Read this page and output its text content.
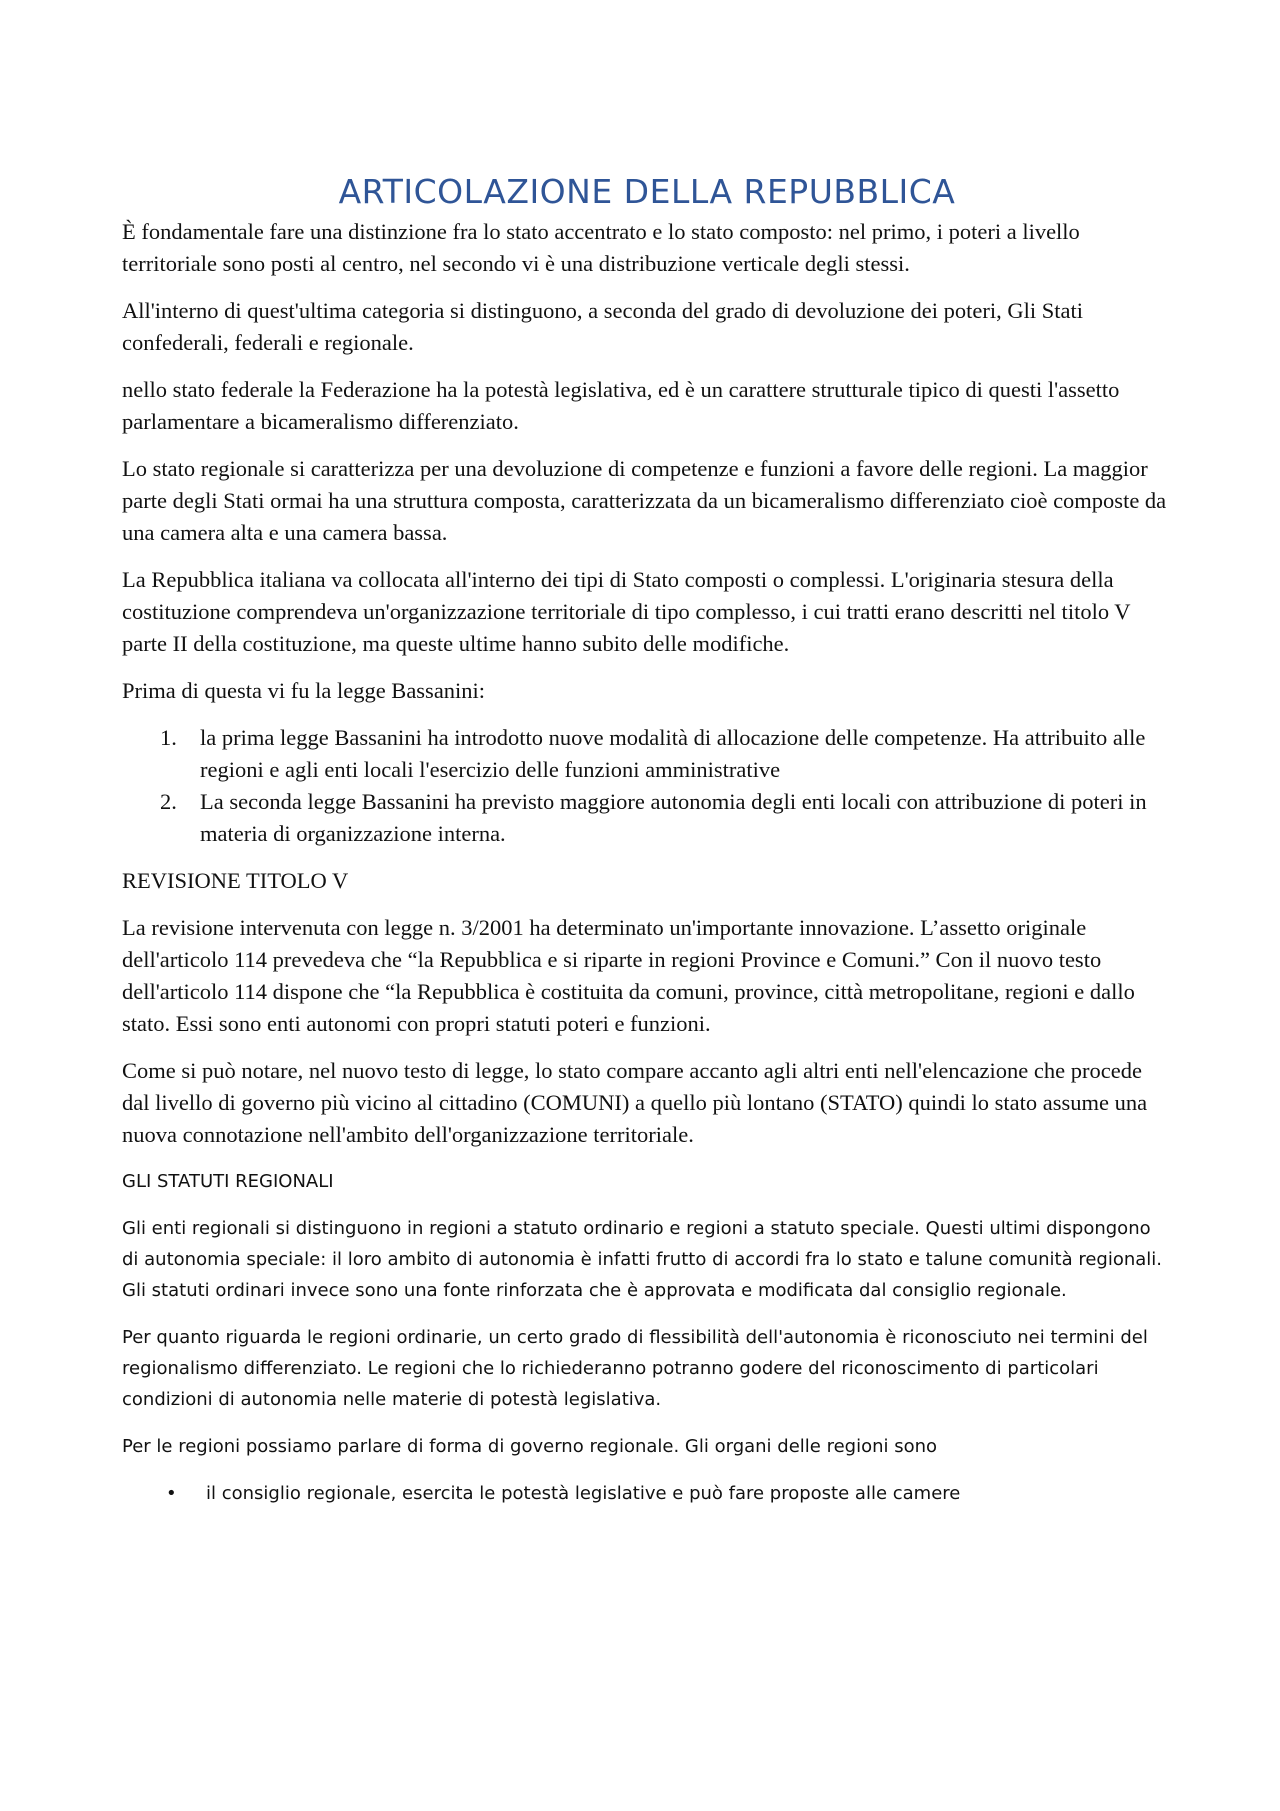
ARTICOLAZIONE DELLA REPUBBLICA

È fondamentale fare una distinzione fra lo stato accentrato e lo stato composto: nel primo, i poteri a livello territoriale sono posti al centro, nel secondo vi è una distribuzione verticale degli stessi.

All'interno di quest'ultima categoria si distinguono, a seconda del grado di devoluzione dei poteri, Gli Stati confederali, federali e regionale.

nello stato federale la Federazione ha la potestà legislativa, ed è un carattere strutturale tipico di questi l'assetto parlamentare a bicameralismo differenziato.

Lo stato regionale si caratterizza per una devoluzione di competenze e funzioni a favore delle regioni. La maggior parte degli Stati ormai ha una struttura composta, caratterizzata da un bicameralismo differenziato cioè composte da una camera alta e una camera bassa.

La Repubblica italiana va collocata all'interno dei tipi di Stato composti o complessi. L'originaria stesura della costituzione comprendeva un'organizzazione territoriale di tipo complesso, i cui tratti erano descritti nel titolo V parte II della costituzione, ma queste ultime hanno subito delle modifiche.

Prima di questa vi fu la legge Bassanini:

1. la prima legge Bassanini ha introdotto nuove modalità di allocazione delle competenze. Ha attribuito alle regioni e agli enti locali l'esercizio delle funzioni amministrative
2. La seconda legge Bassanini ha previsto maggiore autonomia degli enti locali con attribuzione di poteri in materia di organizzazione interna.

REVISIONE TITOLO V

La revisione intervenuta con legge n. 3/2001 ha determinato un'importante innovazione. L’assetto originale dell'articolo 114 prevedeva che “la Repubblica e si riparte in regioni Province e Comuni.” Con il nuovo testo dell'articolo 114 dispone che “la Repubblica è costituita da comuni, province, città metropolitane, regioni e dallo stato. Essi sono enti autonomi con propri statuti poteri e funzioni.

Come si può notare, nel nuovo testo di legge, lo stato compare accanto agli altri enti nell'elencazione che procede dal livello di governo più vicino al cittadino (COMUNI) a quello più lontano (STATO) quindi lo stato assume una nuova connotazione nell'ambito dell'organizzazione territoriale.

GLI STATUTI REGIONALI

Gli enti regionali si distinguono in regioni a statuto ordinario e regioni a statuto speciale. Questi ultimi dispongono di autonomia speciale: il loro ambito di autonomia è infatti frutto di accordi fra lo stato e talune comunità regionali. Gli statuti ordinari invece sono una fonte rinforzata che è approvata e modificata dal consiglio regionale.

Per quanto riguarda le regioni ordinarie, un certo grado di flessibilità dell'autonomia è riconosciuto nei termini del regionalismo differenziato. Le regioni che lo richiederanno potranno godere del riconoscimento di particolari condizioni di autonomia nelle materie di potestà legislativa.

Per le regioni possiamo parlare di forma di governo regionale. Gli organi delle regioni sono

• il consiglio regionale, esercita le potestà legislative e può fare proposte alle camere
